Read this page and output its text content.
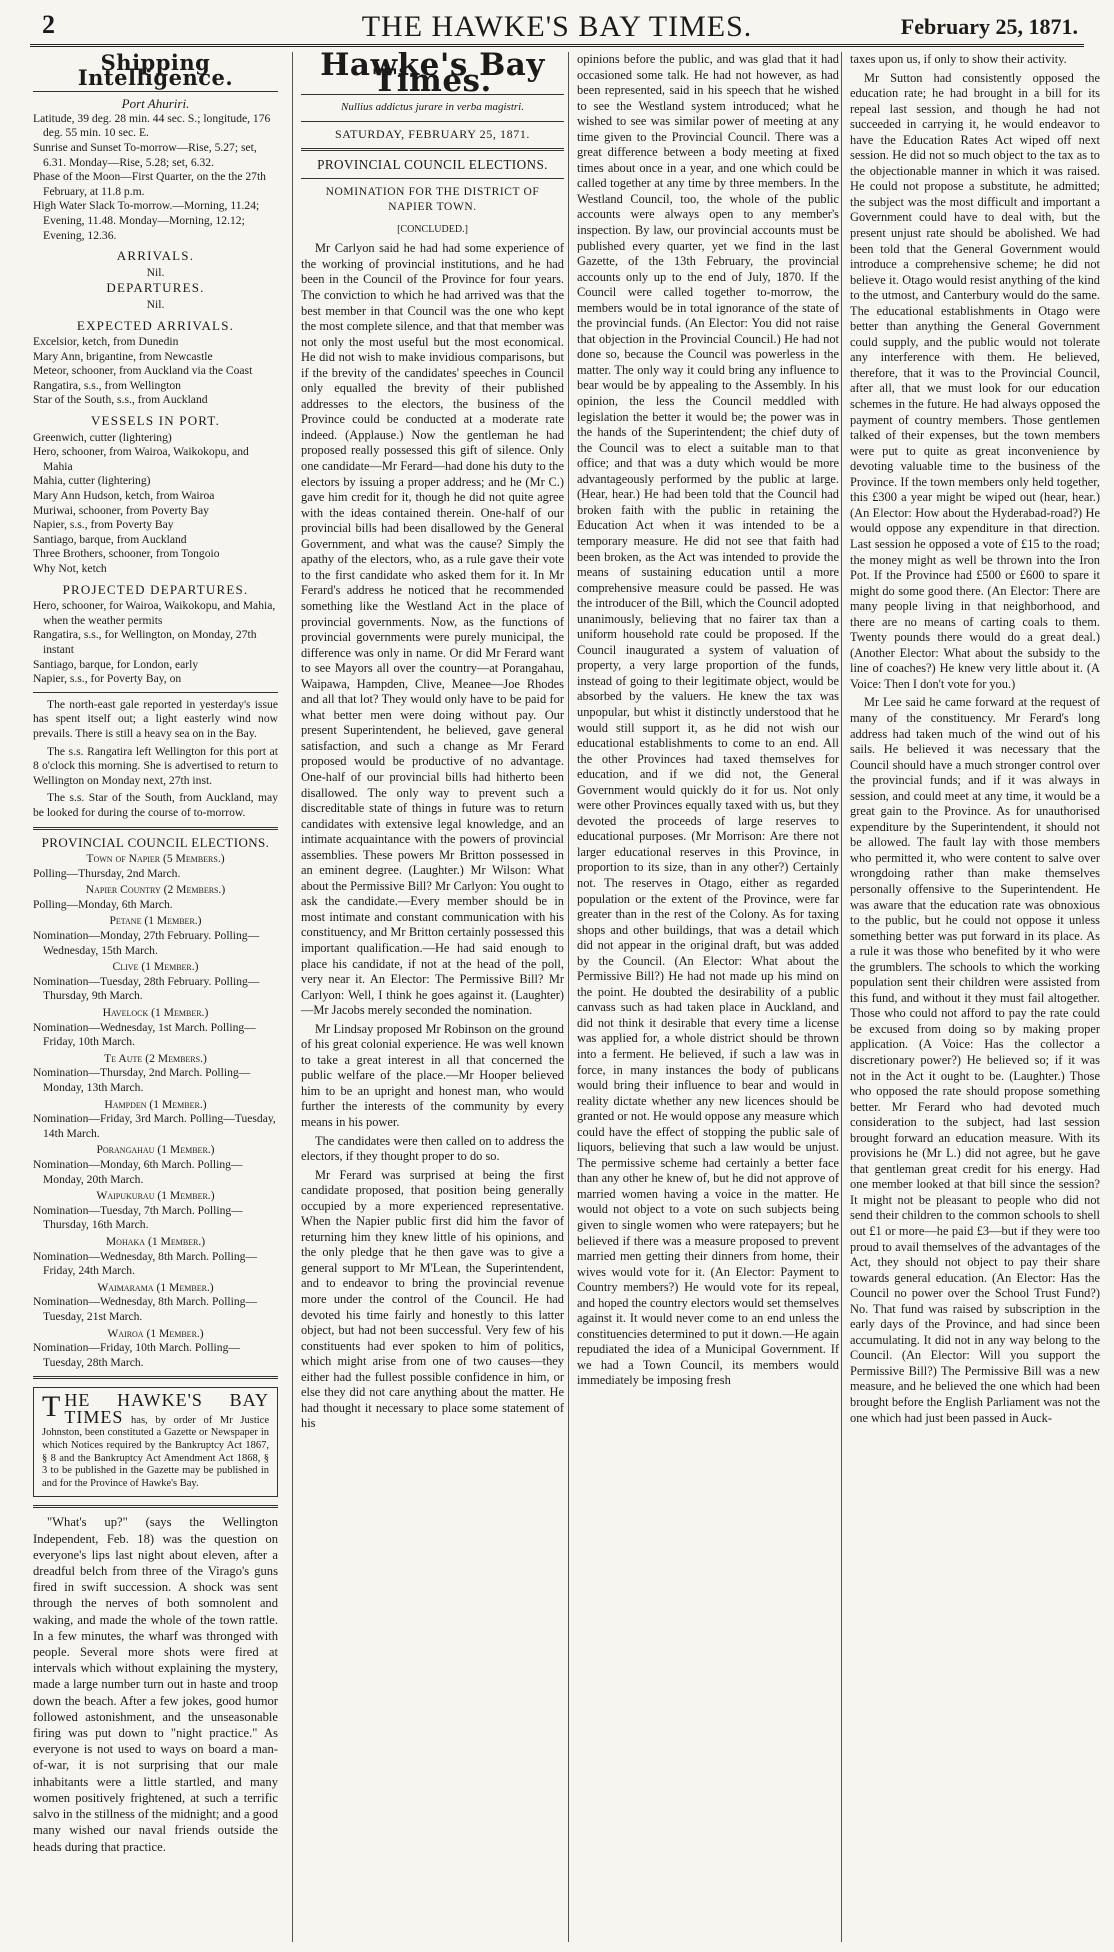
2	THE HAWKE'S BAY TIMES.	February 25, 1871.
Shipping Intelligence.
Port Ahuriri.
Latitude, 39 deg. 28 min. 44 sec. S.; longitude, 176 deg. 55 min. 10 sec. E.
Sunrise and Sunset To-morrow—Rise, 5.27; set, 6.31. Monday—Rise, 5.28; set, 6.32.
Phase of the Moon—First Quarter, on the the 27th February, at 11.8 p.m.
High Water Slack To-morrow.—Morning, 11.24; Evening, 11.48. Monday—Morning, 12.12; Evening, 12.36.
ARRIVALS.
Nil.
DEPARTURES.
Nil.
EXPECTED ARRIVALS.
Excelsior, ketch, from Dunedin
Mary Ann, brigantine, from Newcastle
Meteor, schooner, from Auckland via the Coast
Rangatira, s.s., from Wellington
Star of the South, s.s., from Auckland
VESSELS IN PORT.
Greenwich, cutter (lightering)
Hero, schooner, from Wairoa, Waikokopu, and Mahia
Mahia, cutter (lightering)
Mary Ann Hudson, ketch, from Wairoa
Muriwai, schooner, from Poverty Bay
Napier, s.s., from Poverty Bay
Santiago, barque, from Auckland
Three Brothers, schooner, from Tongoio
Why Not, ketch
PROJECTED DEPARTURES.
Hero, schooner, for Wairoa, Waikokopu, and Mahia, when the weather permits
Rangatira, s.s., for Wellington, on Monday, 27th instant
Santiago, barque, for London, early
Napier, s.s., for Poverty Bay, on

The north-east gale reported in yesterday's issue has spent itself out; a light easterly wind now prevails. There is still a heavy sea on in the Bay.

The s.s. Rangatira left Wellington for this port at 8 o'clock this morning. She is advertised to return to Wellington on Monday next, 27th inst.

The s.s. Star of the South, from Auckland, may be looked for during the course of to-morrow.

PROVINCIAL COUNCIL ELECTIONS.
Town of Napier (5 Members.)
Polling—Thursday, 2nd March.
Napier Country (2 Members.)
Polling—Monday, 6th March.
Petane (1 Member.)
Nomination—Monday, 27th February. Polling—Wednesday, 15th March.
Clive (1 Member.)
Nomination—Tuesday, 28th February. Polling—Thursday, 9th March.
Havelock (1 Member.)
Nomination—Wednesday, 1st March. Polling—Friday, 10th March.
Te Aute (2 Members.)
Nomination—Thursday, 2nd March. Polling—Monday, 13th March.
Hampden (1 Member.)
Nomination—Friday, 3rd March. Polling—Tuesday, 14th March.
Porangahau (1 Member.)
Nomination—Monday, 6th March. Polling—Monday, 20th March.
Waipukurau (1 Member.)
Nomination—Tuesday, 7th March. Polling—Thursday, 16th March.
Mohaka (1 Member.)
Nomination—Wednesday, 8th March. Polling—Friday, 24th March.
Waimarama (1 Member.)
Nomination—Wednesday, 8th March. Polling—Tuesday, 21st March.
Wairoa (1 Member.)
Nomination—Friday, 10th March. Polling—Tuesday, 28th March.
T HE HAWKE'S BAY TIMES has, by order of Mr Justice Johnston, been constituted a Gazette or Newspaper in which Notices required by the Bankruptcy Act 1867, § 8 and the Bankruptcy Act Amendment Act 1868, § 3 to be published in the Gazette may be published in and for the Province of Hawke's Bay.

"What's up?" (says the Wellington Independent, Feb. 18) was the question on everyone's lips last night about eleven, after a dreadful belch from three of the Virago's guns fired in swift succession. A shock was sent through the nerves of both somnolent and waking, and made the whole of the town rattle. In a few minutes, the wharf was thronged with people. Several more shots were fired at intervals which without explaining the mystery, made a large number turn out in haste and troop down the beach. After a few jokes, good humor followed astonishment, and the unseasonable firing was put down to "night practice." As everyone is not used to ways on board a man-of-war, it is not surprising that our male inhabitants were a little startled, and many women positively frightened, at such a terrific salvo in the stillness of the midnight; and a good many wished our naval friends outside the heads during that practice.

Hawke's Bay Times.
Nullius addictus jurare in verba magistri.
SATURDAY, FEBRUARY 25, 1871.
PROVINCIAL COUNCIL ELECTIONS.
NOMINATION FOR THE DISTRICT OF NAPIER TOWN.
[CONCLUDED.]

Mr Carlyon said he had had some experience of the working of provincial institutions, and he had been in the Council of the Province for four years. The conviction to which he had arrived was that the best member in that Council was the one who kept the most complete silence, and that that member was not only the most useful but the most economical. He did not wish to make invidious comparisons, but if the brevity of the candidates' speeches in Council only equalled the brevity of their published addresses to the electors, the business of the Province could be conducted at a moderate rate indeed. (Applause.) Now the gentleman he had proposed really possessed this gift of silence. Only one candidate—Mr Ferard—had done his duty to the electors by issuing a proper address; and he (Mr C.) gave him credit for it, though he did not quite agree with the ideas contained therein. One-half of our provincial bills had been disallowed by the General Government, and what was the cause? Simply the apathy of the electors, who, as a rule gave their vote to the first candidate who asked them for it. In Mr Ferard's address he noticed that he recommended something like the Westland Act in the place of provincial governments. Now, as the functions of provincial governments were purely municipal, the difference was only in name. Or did Mr Ferard want to see Mayors all over the country—at Porangahau, Waipawa, Hampden, Clive, Meanee—Joe Rhodes and all that lot? They would only have to be paid for what better men were doing without pay. Our present Superintendent, he believed, gave general satisfaction, and such a change as Mr Ferard proposed would be productive of no advantage. One-half of our provincial bills had hitherto been disallowed. The only way to prevent such a discreditable state of things in future was to return candidates with extensive legal knowledge, and an intimate acquaintance with the powers of provincial assemblies. These powers Mr Britton possessed in an eminent degree. (Laughter.) Mr Wilson: What about the Permissive Bill? Mr Carlyon: You ought to ask the candidate.—Every member should be in most intimate and constant communication with his constituency, and Mr Britton certainly possessed this important qualification.—He had said enough to place his candidate, if not at the head of the poll, very near it. An Elector: The Permissive Bill? Mr Carlyon: Well, I think he goes against it. (Laughter)—Mr Jacobs merely seconded the nomination.

Mr Lindsay proposed Mr Robinson on the ground of his great colonial experience. He was well known to take a great interest in all that concerned the public welfare of the place.—Mr Hooper believed him to be an upright and honest man, who would further the interests of the community by every means in his power.

The candidates were then called on to address the electors, if they thought proper to do so.

Mr Ferard was surprised at being the first candidate proposed, that position being generally occupied by a more experienced representative. When the Napier public first did him the favor of returning him they knew little of his opinions, and the only pledge that he then gave was to give a general support to Mr M'Lean, the Superintendent, and to endeavor to bring the provincial revenue more under the control of the Council. He had devoted his time fairly and honestly to this latter object, but had not been successful. Very few of his constituents had ever spoken to him of politics, which might arise from one of two causes—they either had the fullest possible confidence in him, or else they did not care anything about the matter. He had thought it necessary to place some statement of his

opinions before the public, and was glad that it had occasioned some talk. He had not however, as had been represented, said in his speech that he wished to see the Westland system introduced; what he wished to see was similar power of meeting at any time given to the Provincial Council. There was a great difference between a body meeting at fixed times about once in a year, and one which could be called together at any time by three members. In the Westland Council, too, the whole of the public accounts were always open to any member's inspection. By law, our provincial accounts must be published every quarter, yet we find in the last Gazette, of the 13th February, the provincial accounts only up to the end of July, 1870. If the Council were called together to-morrow, the members would be in total ignorance of the state of the provincial funds. (An Elector: You did not raise that objection in the Provincial Council.) He had not done so, because the Council was powerless in the matter. The only way it could bring any influence to bear would be by appealing to the Assembly. In his opinion, the less the Council meddled with legislation the better it would be; the power was in the hands of the Superintendent; the chief duty of the Council was to elect a suitable man to that office; and that was a duty which would be more advantageously performed by the public at large. (Hear, hear.) He had been told that the Council had broken faith with the public in retaining the Education Act when it was intended to be a temporary measure. He did not see that faith had been broken, as the Act was intended to provide the means of sustaining education until a more comprehensive measure could be passed. He was the introducer of the Bill, which the Council adopted unanimously, believing that no fairer tax than a uniform household rate could be proposed. If the Council inaugurated a system of valuation of property, a very large proportion of the funds, instead of going to their legitimate object, would be absorbed by the valuers. He knew the tax was unpopular, but whist it distinctly understood that he would still support it, as he did not wish our educational establishments to come to an end. All the other Provinces had taxed themselves for education, and if we did not, the General Government would quickly do it for us. Not only were other Provinces equally taxed with us, but they devoted the proceeds of large reserves to educational purposes. (Mr Morrison: Are there not larger educational reserves in this Province, in proportion to its size, than in any other?) Certainly not. The reserves in Otago, either as regarded population or the extent of the Province, were far greater than in the rest of the Colony. As for taxing shops and other buildings, that was a detail which did not appear in the original draft, but was added by the Council. (An Elector: What about the Permissive Bill?) He had not made up his mind on the point. He doubted the desirability of a public canvass such as had taken place in Auckland, and did not think it desirable that every time a license was applied for, a whole district should be thrown into a ferment. He believed, if such a law was in force, in many instances the body of publicans would bring their influence to bear and would in reality dictate whether any new licences should be granted or not. He would oppose any measure which could have the effect of stopping the public sale of liquors, believing that such a law would be unjust. The permissive scheme had certainly a better face than any other he knew of, but he did not approve of married women having a voice in the matter. He would not object to a vote on such subjects being given to single women who were ratepayers; but he believed if there was a measure proposed to prevent married men getting their dinners from home, their wives would vote for it. (An Elector: Payment to Country members?) He would vote for its repeal, and hoped the country electors would set themselves against it. It would never come to an end unless the constituencies determined to put it down.—He again repudiated the idea of a Municipal Government. If we had a Town Council, its members would immediately be imposing fresh

taxes upon us, if only to show their activity.

Mr Sutton had consistently opposed the education rate; he had brought in a bill for its repeal last session, and though he had not succeeded in carrying it, he would endeavor to have the Education Rates Act wiped off next session. He did not so much object to the tax as to the objectionable manner in which it was raised. He could not propose a substitute, he admitted; the subject was the most difficult and important a Government could have to deal with, but the present unjust rate should be abolished. We had been told that the General Government would introduce a comprehensive scheme; he did not believe it. Otago would resist anything of the kind to the utmost, and Canterbury would do the same. The educational establishments in Otago were better than anything the General Government could supply, and the public would not tolerate any interference with them. He believed, therefore, that it was to the Provincial Council, after all, that we must look for our education schemes in the future. He had always opposed the payment of country members. Those gentlemen talked of their expenses, but the town members were put to quite as great inconvenience by devoting valuable time to the business of the Province. If the town members only held together, this £300 a year might be wiped out (hear, hear.) (An Elector: How about the Hyderabad-road?) He would oppose any expenditure in that direction. Last session he opposed a vote of £15 to the road; the money might as well be thrown into the Iron Pot. If the Province had £500 or £600 to spare it might do some good there. (An Elector: There are many people living in that neighborhood, and there are no means of carting coals to them. Twenty pounds there would do a great deal.) (Another Elector: What about the subsidy to the line of coaches?) He knew very little about it. (A Voice: Then I don't vote for you.)

Mr Lee said he came forward at the request of many of the constituency. Mr Ferard's long address had taken much of the wind out of his sails. He believed it was necessary that the Council should have a much stronger control over the provincial funds; and if it was always in session, and could meet at any time, it would be a great gain to the Province. As for unauthorised expenditure by the Superintendent, it should not be allowed. The fault lay with those members who permitted it, who were content to salve over wrongdoing rather than make themselves personally offensive to the Superintendent. He was aware that the education rate was obnoxious to the public, but he could not oppose it unless something better was put forward in its place. As a rule it was those who benefited by it who were the grumblers. The schools to which the working population sent their children were assisted from this fund, and without it they must fail altogether. Those who could not afford to pay the rate could be excused from doing so by making proper application. (A Voice: Has the collector a discretionary power?) He believed so; if it was not in the Act it ought to be. (Laughter.) Those who opposed the rate should propose something better. Mr Ferard who had devoted much consideration to the subject, had last session brought forward an education measure. With its provisions he (Mr L.) did not agree, but he gave that gentleman great credit for his energy. Had one member looked at that bill since the session? It might not be pleasant to people who did not send their children to the common schools to shell out £1 or more—he paid £3—but if they were too proud to avail themselves of the advantages of the Act, they should not object to pay their share towards general education. (An Elector: Has the Council no power over the School Trust Fund?) No. That fund was raised by subscription in the early days of the Province, and had since been accumulating. It did not in any way belong to the Council. (An Elector: Will you support the Permissive Bill?) The Permissive Bill was a new measure, and he believed the one which had been brought before the English Parliament was not the one which had just been passed in Auck-
